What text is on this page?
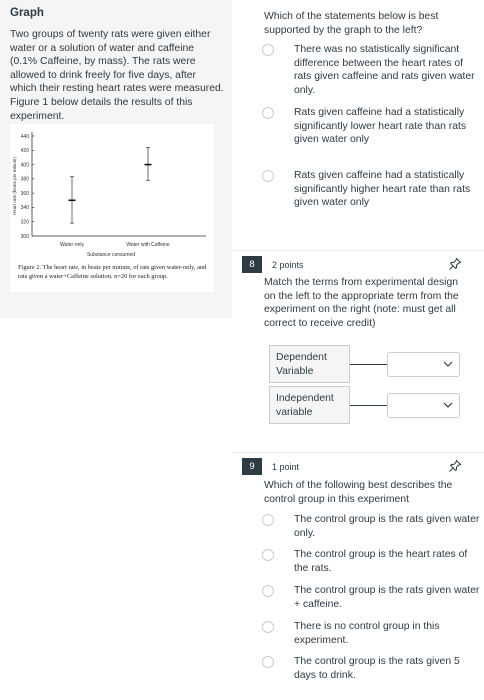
Graph
Two groups of twenty rats were given either water or a solution of water and caffeine (0.1% Caffeine, by mass). The rats were allowed to drink freely for five days, after which their resting heart rates were measured. Figure 1 below details the results of this experiment.
440
420
400
380
360
340
320
300
Water-only	Water with Caffeine
Substance consumed
Heart rate (beats per minute)
Figure 2. The heart rate, in beats per minute, of rats given water-only, and rats given a water+Caffeine solution. n=20 for each group.
Which of the statements below is best supported by the graph to the left?
There was no statistically significant difference between the heart rates of rats given caffeine and rats given water only.
Rats given caffeine had a statistically significantly lower heart rate than rats given water only
Rats given caffeine had a statistically significantly higher heart rate than rats given water only
8	2 points
Match the terms from experimental design on the left to the appropriate term from the experiment on the right (note: must get all correct to receive credit)
Dependent Variable
Independent variable
9	1 point
Which of the following best describes the control group in this experiment
The control group is the rats given water only.
The control group is the heart rates of the rats.
The control group is the rats given water + caffeine.
There is no control group in this experiment.
The control group is the rats given 5 days to drink.
